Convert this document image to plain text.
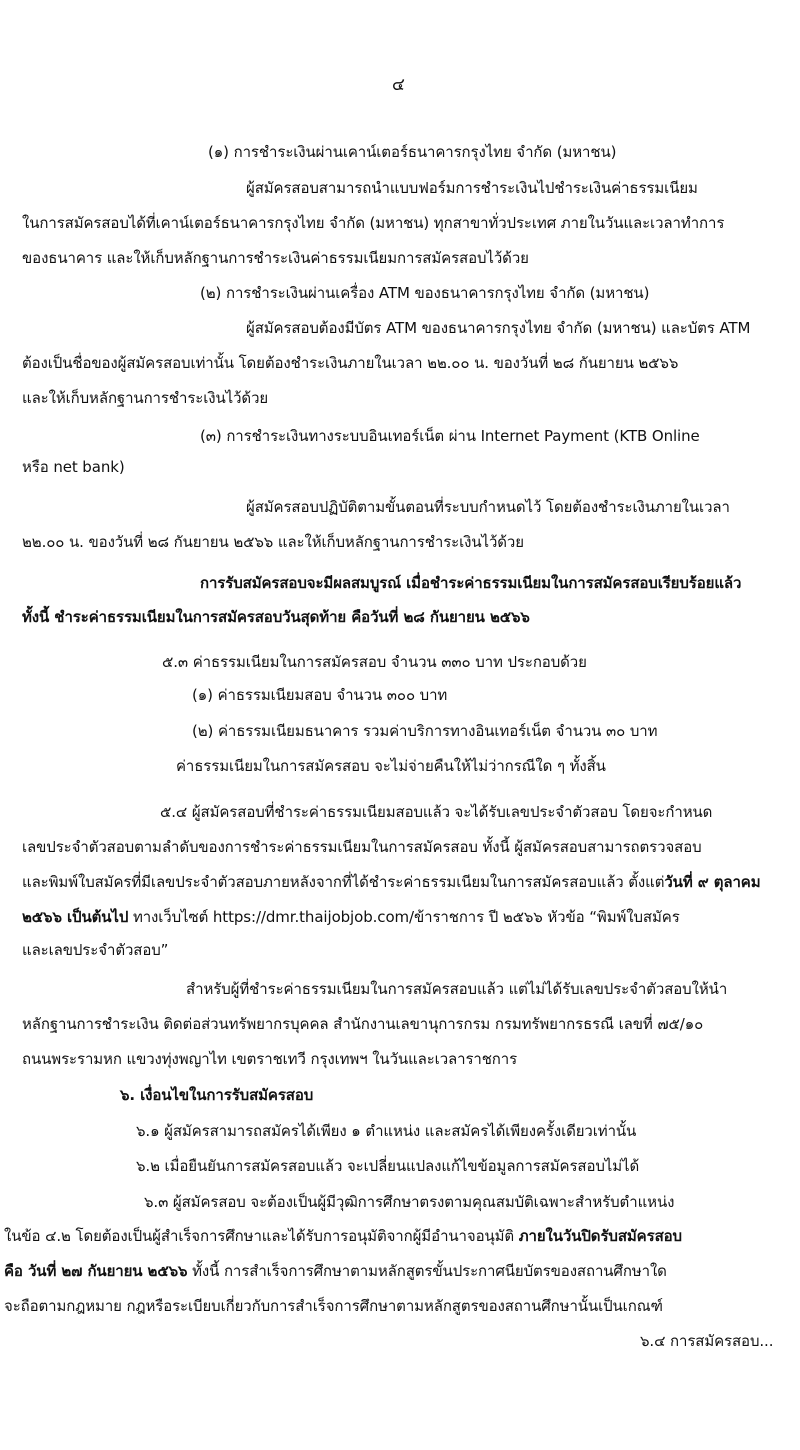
๔
(๑) การชำระเงินผ่านเคาน์เตอร์ธนาคารกรุงไทย จำกัด (มหาชน)
ผู้สมัครสอบสามารถนำแบบฟอร์มการชำระเงินไปชำระเงินค่าธรรมเนียม
ในการสมัครสอบได้ที่เคาน์เตอร์ธนาคารกรุงไทย จำกัด (มหาชน) ทุกสาขาทั่วประเทศ ภายในวันและเวลาทำการ
ของธนาคาร และให้เก็บหลักฐานการชำระเงินค่าธรรมเนียมการสมัครสอบไว้ด้วย
(๒) การชำระเงินผ่านเครื่อง ATM ของธนาคารกรุงไทย จำกัด (มหาชน)
ผู้สมัครสอบต้องมีบัตร ATM ของธนาคารกรุงไทย จำกัด (มหาชน) และบัตร ATM
ต้องเป็นชื่อของผู้สมัครสอบเท่านั้น โดยต้องชำระเงินภายในเวลา ๒๒.๐๐ น. ของวันที่ ๒๘ กันยายน ๒๕๖๖
และให้เก็บหลักฐานการชำระเงินไว้ด้วย
(๓) การชำระเงินทางระบบอินเทอร์เน็ต ผ่าน Internet Payment (KTB Online
หรือ net bank)
ผู้สมัครสอบปฏิบัติตามขั้นตอนที่ระบบกำหนดไว้ โดยต้องชำระเงินภายในเวลา
๒๒.๐๐ น. ของวันที่ ๒๘ กันยายน ๒๕๖๖ และให้เก็บหลักฐานการชำระเงินไว้ด้วย
การรับสมัครสอบจะมีผลสมบูรณ์ เมื่อชำระค่าธรรมเนียมในการสมัครสอบเรียบร้อยแล้ว
ทั้งนี้ ชำระค่าธรรมเนียมในการสมัครสอบวันสุดท้าย คือวันที่ ๒๘ กันยายน ๒๕๖๖
๕.๓ ค่าธรรมเนียมในการสมัครสอบ จำนวน ๓๓๐ บาท ประกอบด้วย
(๑) ค่าธรรมเนียมสอบ จำนวน ๓๐๐ บาท
(๒) ค่าธรรมเนียมธนาคาร รวมค่าบริการทางอินเทอร์เน็ต จำนวน ๓๐ บาท
ค่าธรรมเนียมในการสมัครสอบ จะไม่จ่ายคืนให้ไม่ว่ากรณีใด ๆ ทั้งสิ้น
๕.๔ ผู้สมัครสอบที่ชำระค่าธรรมเนียมสอบแล้ว จะได้รับเลขประจำตัวสอบ โดยจะกำหนด
เลขประจำตัวสอบตามลำดับของการชำระค่าธรรมเนียมในการสมัครสอบ ทั้งนี้ ผู้สมัครสอบสามารถตรวจสอบ
และพิมพ์ใบสมัครที่มีเลขประจำตัวสอบภายหลังจากที่ได้ชำระค่าธรรมเนียมในการสมัครสอบแล้ว ตั้งแต่วันที่ ๙ ตุลาคม
๒๕๖๖ เป็นต้นไป ทางเว็บไซต์ https://dmr.thaijobjob.com/ข้าราชการ ปี ๒๕๖๖ หัวข้อ “พิมพ์ใบสมัคร
และเลขประจำตัวสอบ”
สำหรับผู้ที่ชำระค่าธรรมเนียมในการสมัครสอบแล้ว แต่ไม่ได้รับเลขประจำตัวสอบให้นำ
หลักฐานการชำระเงิน ติดต่อส่วนทรัพยากรบุคคล สำนักงานเลขานุการกรม กรมทรัพยากรธรณี เลขที่ ๗๕/๑๐
ถนนพระรามหก แขวงทุ่งพญาไท เขตราชเทวี กรุงเทพฯ ในวันและเวลาราชการ
๖. เงื่อนไขในการรับสมัครสอบ
๖.๑ ผู้สมัครสามารถสมัครได้เพียง ๑ ตำแหน่ง และสมัครได้เพียงครั้งเดียวเท่านั้น
๖.๒ เมื่อยืนยันการสมัครสอบแล้ว จะเปลี่ยนแปลงแก้ไขข้อมูลการสมัครสอบไม่ได้
๖.๓ ผู้สมัครสอบ จะต้องเป็นผู้มีวุฒิการศึกษาตรงตามคุณสมบัติเฉพาะสำหรับตำแหน่ง
ในข้อ ๔.๒ โดยต้องเป็นผู้สำเร็จการศึกษาและได้รับการอนุมัติจากผู้มีอำนาจอนุมัติ ภายในวันปิดรับสมัครสอบ
คือ วันที่ ๒๗ กันยายน ๒๕๖๖ ทั้งนี้ การสำเร็จการศึกษาตามหลักสูตรขั้นประกาศนียบัตรของสถานศึกษาใด
จะถือตามกฎหมาย กฎหรือระเบียบเกี่ยวกับการสำเร็จการศึกษาตามหลักสูตรของสถานศึกษานั้นเป็นเกณฑ์
๖.๔ การสมัครสอบ...
